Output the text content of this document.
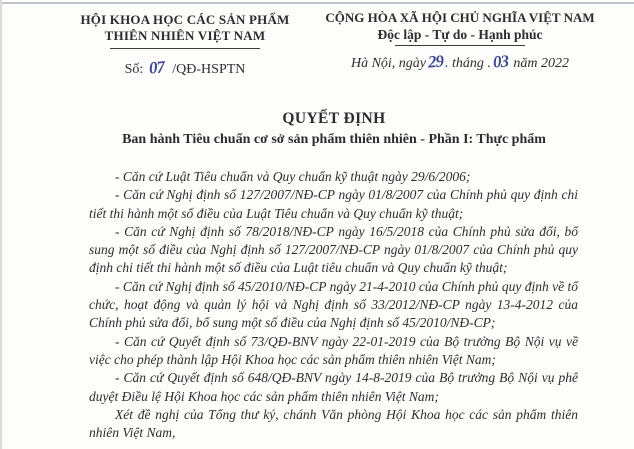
HỘI KHOA HỌC CÁC SẢN PHẨM
THIÊN NHIÊN VIỆT NAM
Số: 07 /QĐ-HSPTN
CỘNG HÒA XÃ HỘI CHỦ NGHĨA VIỆT NAM
Độc lập - Tự do - Hạnh phúc
Hà Nội, ngày29. tháng .03 năm 2022
QUYẾT ĐỊNH
Ban hành Tiêu chuẩn cơ sở sản phẩm thiên nhiên - Phần I: Thực phẩm

- Căn cứ Luật Tiêu chuẩn và Quy chuẩn kỹ thuật ngày 29/6/2006;

- Căn cứ Nghị định số 127/2007/NĐ-CP ngày 01/8/2007 của Chính phủ quy định chi tiết thi hành một số điều của Luật Tiêu chuẩn và Quy chuẩn kỹ thuật;

- Căn cứ Nghị định số 78/2018/NĐ-CP ngày 16/5/2018 của Chính phủ sửa đổi, bổ sung một số điều của Nghị định số 127/2007/NĐ-CP ngày 01/8/2007 của Chính phủ quy định chi tiết thi hành một số điều của Luật tiêu chuẩn và Quy chuẩn kỹ thuật;

- Căn cứ Nghị định số 45/2010/NĐ-CP ngày 21-4-2010 của Chính phủ quy định về tổ chức, hoạt động và quản lý hội và Nghị định số 33/2012/NĐ-CP ngày 13-4-2012 của Chính phủ sửa đổi, bổ sung một số điều của Nghị định số 45/2010/NĐ-CP;

- Căn cứ Quyết định số 73/QĐ-BNV ngày 22-01-2019 của Bộ trưởng Bộ Nội vụ về việc cho phép thành lập Hội Khoa học các sản phẩm thiên nhiên Việt Nam;

- Căn cứ Quyết định số 648/QĐ-BNV ngày 14-8-2019 của Bộ trưởng Bộ Nội vụ phê duyệt Điều lệ Hội Khoa học các sản phẩm thiên nhiên Việt Nam;

Xét đề nghị của Tổng thư ký, chánh Văn phòng Hội Khoa học các sản phẩm thiên nhiên Việt Nam,
